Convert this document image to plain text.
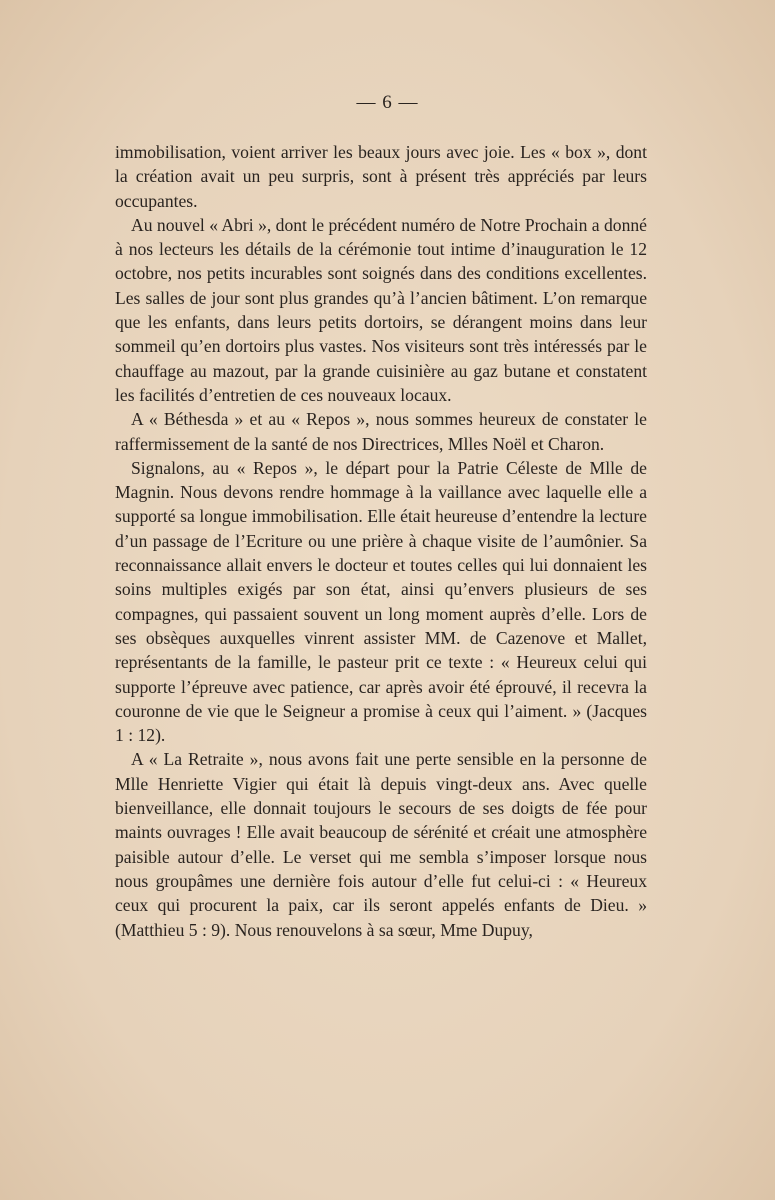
— 6 —

immobilisation, voient arriver les beaux jours avec joie. Les « box », dont la création avait un peu surpris, sont à présent très appréciés par leurs occupantes.

Au nouvel « Abri », dont le précédent numéro de Notre Prochain a donné à nos lecteurs les détails de la cérémonie tout intime d’inauguration le 12 octobre, nos petits incurables sont soignés dans des conditions excellentes. Les salles de jour sont plus grandes qu’à l’ancien bâtiment. L’on remarque que les enfants, dans leurs petits dortoirs, se dérangent moins dans leur sommeil qu’en dortoirs plus vastes. Nos visiteurs sont très intéressés par le chauffage au mazout, par la grande cuisinière au gaz butane et constatent les facilités d’entretien de ces nouveaux locaux.

A « Béthesda » et au « Repos », nous sommes heureux de constater le raffermissement de la santé de nos Directrices, Mlles Noël et Charon.

Signalons, au « Repos », le départ pour la Patrie Céleste de Mlle de Magnin. Nous devons rendre hommage à la vaillance avec laquelle elle a supporté sa longue immobilisation. Elle était heureuse d’entendre la lecture d’un passage de l’Ecriture ou une prière à chaque visite de l’aumônier. Sa reconnaissance allait envers le docteur et toutes celles qui lui donnaient les soins multiples exigés par son état, ainsi qu’envers plusieurs de ses compagnes, qui passaient souvent un long moment auprès d’elle. Lors de ses obsèques auxquelles vinrent assister MM. de Cazenove et Mallet, représentants de la famille, le pasteur prit ce texte : « Heureux celui qui supporte l’épreuve avec patience, car après avoir été éprouvé, il recevra la couronne de vie que le Seigneur a promise à ceux qui l’aiment. » (Jacques 1 : 12).

A « La Retraite », nous avons fait une perte sensible en la personne de Mlle Henriette Vigier qui était là depuis vingt-deux ans. Avec quelle bienveillance, elle donnait toujours le secours de ses doigts de fée pour maints ouvrages ! Elle avait beaucoup de sérénité et créait une atmosphère paisible autour d’elle. Le verset qui me sembla s’imposer lorsque nous nous groupâmes une dernière fois autour d’elle fut celui-ci : « Heureux ceux qui procurent la paix, car ils seront appelés enfants de Dieu. » (Matthieu 5 : 9). Nous renouvelons à sa sœur, Mme Dupuy,
